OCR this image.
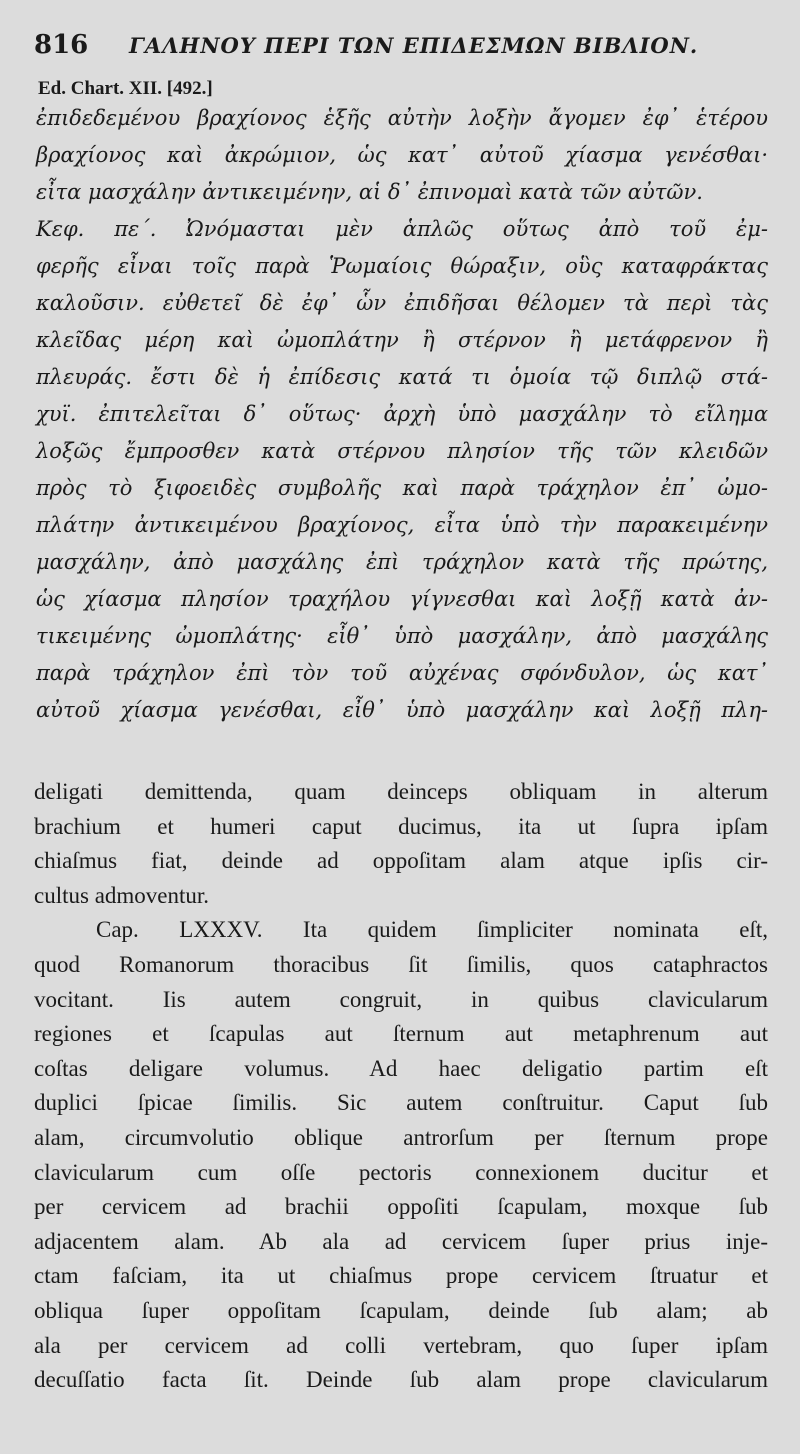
816 ΓΑΛΗΝΟΥ ΠΕΡΙ ΤΩΝ ΕΠΙΔΕΣΜΩΝ ΒΙΒΛΙΟΝ.
Ed. Chart. XII. [492.]
ἐπιδεδεμένου βραχίονος ἑξῆς αὐτὴν λοξὴν ἄγομεν ἐφ᾽ ἑτέρου
βραχίονος καὶ ἀκρώμιον, ὡς κατ᾽ αὐτοῦ χίασμα γενέσθαι·
εἶτα μασχάλην ἀντικειμένην, αἱ δ᾽ ἐπινομαὶ κατὰ τῶν αὐτῶν.
Κεφ. πε΄. Ὠνόμασται μὲν ἁπλῶς οὕτως ἀπὸ τοῦ ἐμ-
φερῆς εἶναι τοῖς παρὰ Ῥωμαίοις θώραξιν, οὓς καταφράκτας
καλοῦσιν. εὐθετεῖ δὲ ἐφ᾽ ὧν ἐπιδῆσαι θέλομεν τὰ περὶ τὰς
κλεῖδας μέρη καὶ ὠμοπλάτην ἢ στέρνον ἢ μετάφρενον ἢ
πλευράς. ἔστι δὲ ἡ ἐπίδεσις κατά τι ὁμοία τῷ διπλῷ στά-
χυϊ. ἐπιτελεῖται δ᾽ οὕτως· ἀρχὴ ὑπὸ μασχάλην τὸ εἴλημα
λοξῶς ἔμπροσθεν κατὰ στέρνου πλησίον τῆς τῶν κλειδῶν
πρὸς τὸ ξιφοειδὲς συμβολῆς καὶ παρὰ τράχηλον ἐπ᾽ ὠμο-
πλάτην ἀντικειμένου βραχίονος, εἶτα ὑπὸ τὴν παρακειμένην
μασχάλην, ἀπὸ μασχάλης ἐπὶ τράχηλον κατὰ τῆς πρώτης,
ὡς χίασμα πλησίον τραχήλου γίγνεσθαι καὶ λοξῇ κατὰ ἀν-
τικειμένης ὠμοπλάτης· εἶθ᾽ ὑπὸ μασχάλην, ἀπὸ μασχάλης
παρὰ τράχηλον ἐπὶ τὸν τοῦ αὐχένας σφόνδυλον, ὡς κατ᾽
αὐτοῦ χίασμα γενέσθαι, εἶθ᾽ ὑπὸ μασχάλην καὶ λοξῇ πλη-
deligati demittenda, quam deinceps obliquam in alterum
brachium et humeri caput ducimus, ita ut ſupra ipſam
chiaſmus fiat, deinde ad oppoſitam alam atque ipſis cir-
cultus admoventur.
Cap. LXXXV. Ita quidem ſimpliciter nominata eſt,
quod Romanorum thoracibus ſit ſimilis, quos cataphractos
vocitant. Iis autem congruit, in quibus clavicularum
regiones et ſcapulas aut ſternum aut metaphrenum aut
coſtas deligare volumus. Ad haec deligatio partim eſt
duplici ſpicae ſimilis. Sic autem conſtruitur. Caput ſub
alam, circumvolutio oblique antrorſum per ſternum prope
clavicularum cum oſſe pectoris connexionem ducitur et
per cervicem ad brachii oppoſiti ſcapulam, moxque ſub
adjacentem alam. Ab ala ad cervicem ſuper prius inje-
ctam faſciam, ita ut chiaſmus prope cervicem ſtruatur et
obliqua ſuper oppoſitam ſcapulam, deinde ſub alam; ab
ala per cervicem ad colli vertebram, quo ſuper ipſam
decuſſatio facta ſit. Deinde ſub alam prope clavicularum
